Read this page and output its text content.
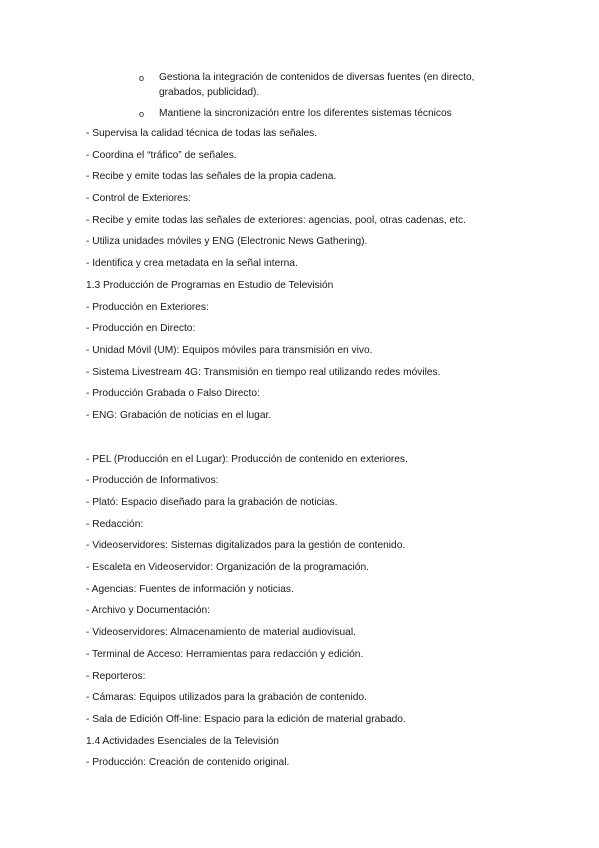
o Gestiona la integración de contenidos de diversas fuentes (en directo, grabados, publicidad).
o Mantiene la sincronización entre los diferentes sistemas técnicos
- Supervisa la calidad técnica de todas las señales.
- Coordina el “tráfico” de señales.
- Recibe y emite todas las señales de la propia cadena.
- Control de Exteriores:
- Recibe y emite todas las señales de exteriores: agencias, pool, otras cadenas, etc.
- Utiliza unidades móviles y ENG (Electronic News Gathering).
- Identifica y crea metadata en la señal interna.
1.3 Producción de Programas en Estudio de Televisión
- Producción en Exteriores:
- Producción en Directo:
- Unidad Móvil (UM): Equipos móviles para transmisión en vivo.
- Sistema Livestream 4G: Transmisión en tiempo real utilizando redes móviles.
- Producción Grabada o Falso Directo:
- ENG: Grabación de noticias en el lugar.
- PEL (Producción en el Lugar): Producción de contenido en exteriores.
- Producción de Informativos:
- Plató: Espacio diseñado para la grabación de noticias.
- Redacción:
- Videoservidores: Sistemas digitalizados para la gestión de contenido.
- Escaleta en Videoservidor: Organización de la programación.
- Agencias: Fuentes de información y noticias.
- Archivo y Documentación:
- Videoservidores: Almacenamiento de material audiovisual.
- Terminal de Acceso: Herramientas para redacción y edición.
- Reporteros:
- Cámaras: Equipos utilizados para la grabación de contenido.
- Sala de Edición Off-line: Espacio para la edición de material grabado.
1.4 Actividades Esenciales de la Televisión
- Producción: Creación de contenido original.
